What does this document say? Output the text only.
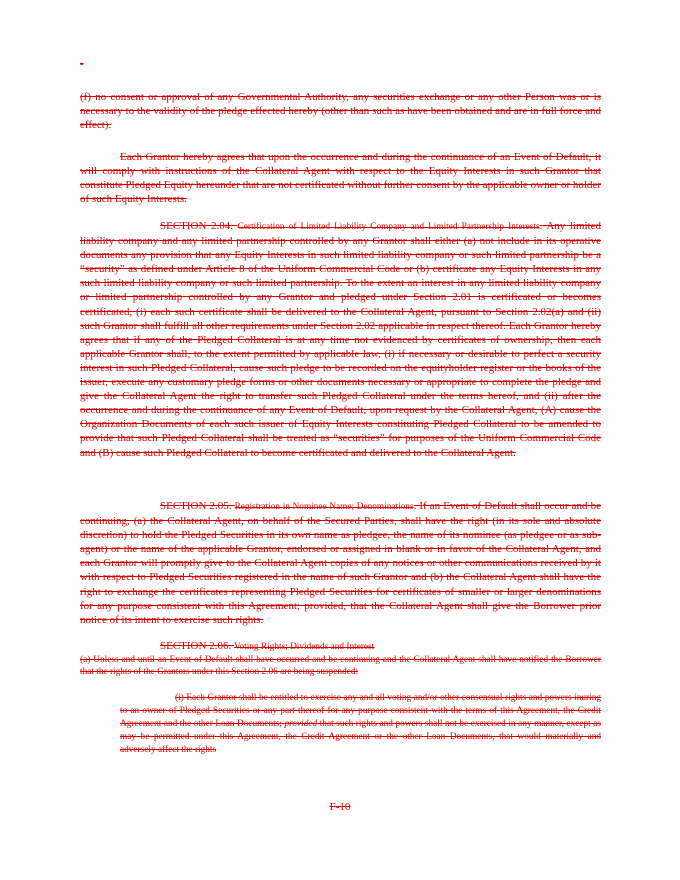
-

(f) no consent or approval of any Governmental Authority, any securities exchange or any other Person was or is necessary to the validity of the pledge effected hereby (other than such as have been obtained and are in full force and effect).

Each Grantor hereby agrees that upon the occurrence and during the continuance of an Event of Default, it will comply with instructions of the Collateral Agent with respect to the Equity Interests in such Grantor that constitute Pledged Equity hereunder that are not certificated without further consent by the applicable owner or holder of such Equity Interests.

SECTION 2.04. Certification of Limited Liability Company and Limited Partnership Interests. Any limited liability company and any limited partnership controlled by any Grantor shall either (a) not include in its operative documents any provision that any Equity Interests in such limited liability company or such limited partnership be a “security” as defined under Article 8 of the Uniform Commercial Code or (b) certificate any Equity Interests in any such limited liability company or such limited partnership. To the extent an interest in any limited liability company or limited partnership controlled by any Grantor and pledged under Section 2.01 is certificated or becomes certificated, (i) each such certificate shall be delivered to the Collateral Agent, pursuant to Section 2.02(a) and (ii) such Grantor shall fulfill all other requirements under Section 2.02 applicable in respect thereof. Each Grantor hereby agrees that if any of the Pledged Collateral is at any time not evidenced by certificates of ownership, then each applicable Grantor shall, to the extent permitted by applicable law, (i) if necessary or desirable to perfect a security interest in such Pledged Collateral, cause such pledge to be recorded on the equityholder register or the books of the issuer, execute any customary pledge forms or other documents necessary or appropriate to complete the pledge and give the Collateral Agent the right to transfer such Pledged Collateral under the terms hereof, and (ii) after the occurrence and during the continuance of any Event of Default, upon request by the Collateral Agent, (A) cause the Organization Documents of each such issuer of Equity Interests constituting Pledged Collateral to be amended to provide that such Pledged Collateral shall be treated as “securities” for purposes of the Uniform Commercial Code and (B) cause such Pledged Collateral to become certificated and delivered to the Collateral Agent.

SECTION 2.05. Registration in Nominee Name; Denominations. If an Event of Default shall occur and be continuing, (a) the Collateral Agent, on behalf of the Secured Parties, shall have the right (in its sole and absolute discretion) to hold the Pledged Securities in its own name as pledgee, the name of its nominee (as pledgee or as sub-agent) or the name of the applicable Grantor, endorsed or assigned in blank or in favor of the Collateral Agent, and each Grantor will promptly give to the Collateral Agent copies of any notices or other communications received by it with respect to Pledged Securities registered in the name of such Grantor and (b) the Collateral Agent shall have the right to exchange the certificates representing Pledged Securities for certificates of smaller or larger denominations for any purpose consistent with this Agreement; provided, that the Collateral Agent shall give the Borrower prior notice of its intent to exercise such rights.

SECTION 2.06. Voting Rights; Dividends and Interest

(a) Unless and until an Event of Default shall have occurred and be continuing and the Collateral Agent shall have notified the Borrower that the rights of the Grantors under this Section 2.06 are being suspended:

(i) Each Grantor shall be entitled to exercise any and all voting and/or other consensual rights and powers inuring to an owner of Pledged Securities or any part thereof for any purpose consistent with the terms of this Agreement, the Credit Agreement and the other Loan Documents; provided that such rights and powers shall not be exercised in any manner, except as may be permitted under this Agreement, the Credit Agreement or the other Loan Documents, that would materially and adversely affect the rights

F-10
